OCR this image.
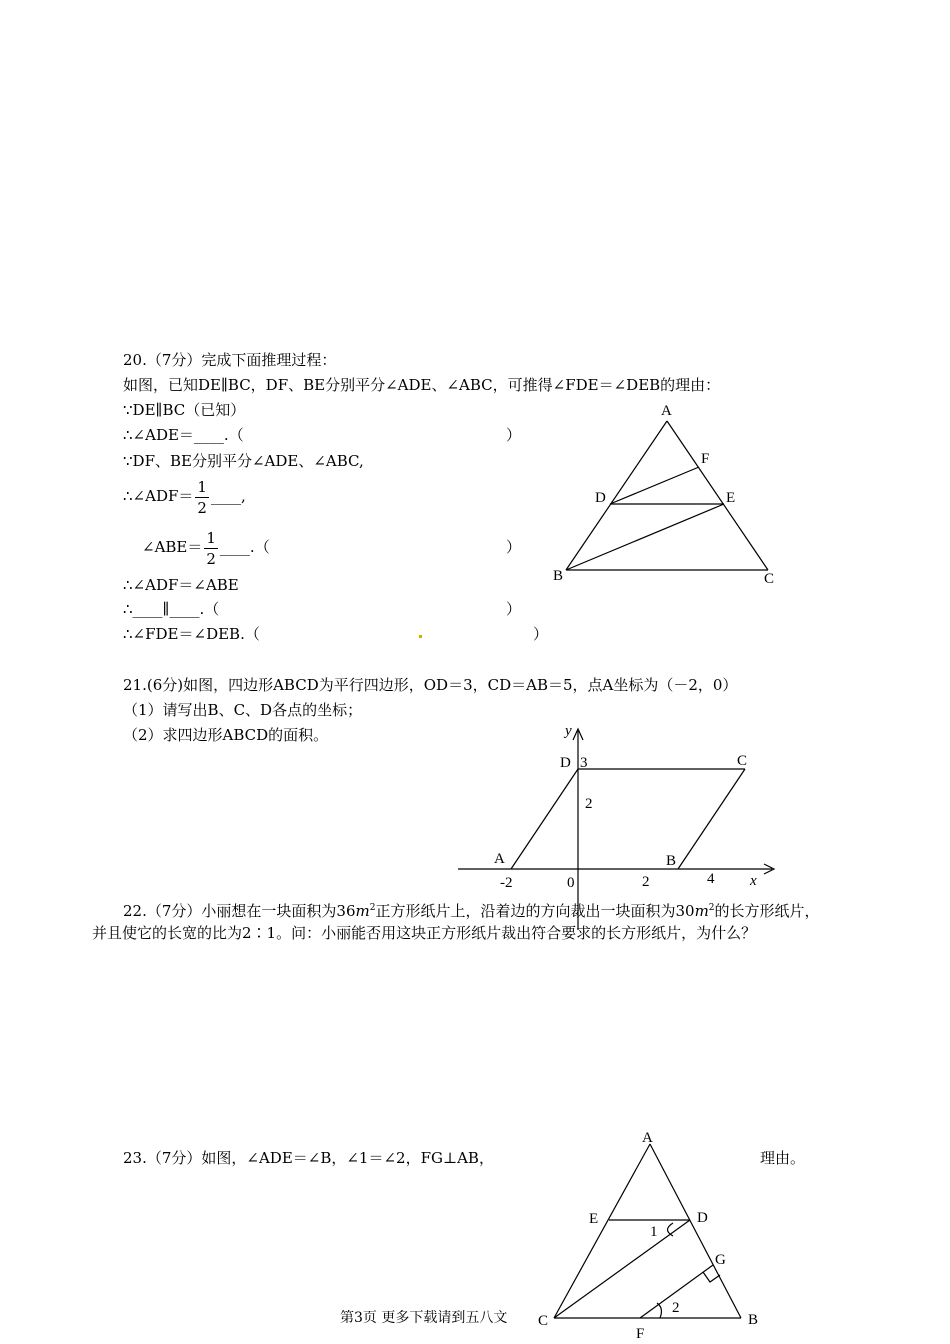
20.（7分）完成下面推理过程：
如图，已知DE∥BC，DF、BE分别平分∠ADE、∠ABC，可推得∠FDE＝∠DEB的理由：
∵DE∥BC（已知）
∴∠ADE＝____.（	）
∵DF、BE分别平分∠ADE、∠ABC,
∴∠ADF＝ $\frac{1}{2}$ ____,
∠ABE＝ $\frac{1}{2}$ ____.（	）
∴∠ADF＝∠ABE
∴____∥____.（	）
∴∠FDE＝∠DEB.（	）
A
F
D	E
B	C
21.(6分)如图，四边形ABCD为平行四边形，OD＝3，CD＝AB＝5，点A坐标为（－2，0）
（1）请写出B、C、D各点的坐标；
（2）求四边形ABCD的面积。	y
D 3	C
2
A	B
-2	0	2	4 x
22.（7分）小丽想在一块面积为$36m^2$正方形纸片上，沿着边的方向裁出一块面积为$30m^2$的长方形纸片，
并且使它的长宽的比为2∶1。问：小丽能否用这块正方形纸片裁出符合要求的长方形纸片，为什么？
23.（7分）如图，∠ADE＝∠B，∠1＝∠2，FG⊥AB，	理由。
A
E	D
1
G
2
C
F
B
第3页 更多下载请到五八文
